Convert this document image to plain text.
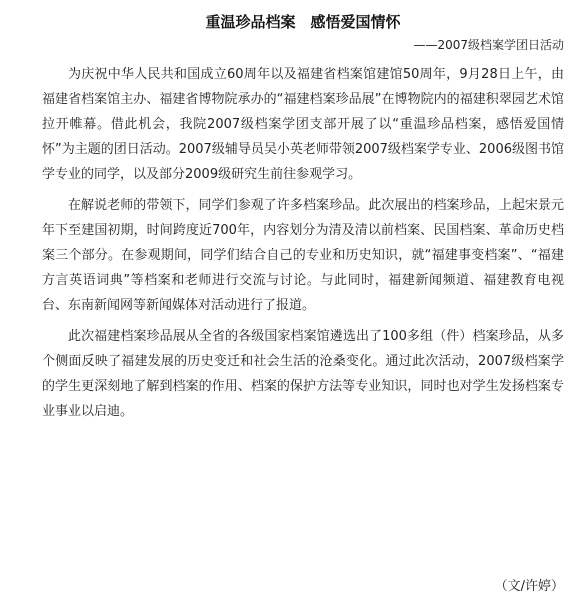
重温珍品档案　感悟爱国情怀
——2007级档案学团日活动

为庆祝中华人民共和国成立60周年以及福建省档案馆建馆50周年，9月28日上午，由福建省档案馆主办、福建省博物院承办的“福建档案珍品展”在博物院内的福建积翠园艺术馆拉开帷幕。借此机会，我院2007级档案学团支部开展了以“重温珍品档案，感悟爱国情怀”为主题的团日活动。2007级辅导员吴小英老师带领2007级档案学专业、2006级图书馆学专业的同学，以及部分2009级研究生前往参观学习。

在解说老师的带领下，同学们参观了许多档案珍品。此次展出的档案珍品，上起宋景元年下至建国初期，时间跨度近700年，内容划分为清及清以前档案、民国档案、革命历史档案三个部分。在参观期间，同学们结合自己的专业和历史知识，就“福建事变档案”、“福建方言英语词典”等档案和老师进行交流与讨论。与此同时，福建新闻频道、福建教育电视台、东南新闻网等新闻媒体对活动进行了报道。

此次福建档案珍品展从全省的各级国家档案馆遴选出了100多组（件）档案珍品，从多个侧面反映了福建发展的历史变迁和社会生活的沧桑变化。通过此次活动，2007级档案学的学生更深刻地了解到档案的作用、档案的保护方法等专业知识，同时也对学生发扬档案专业事业以启迪。

（文/许婷）
